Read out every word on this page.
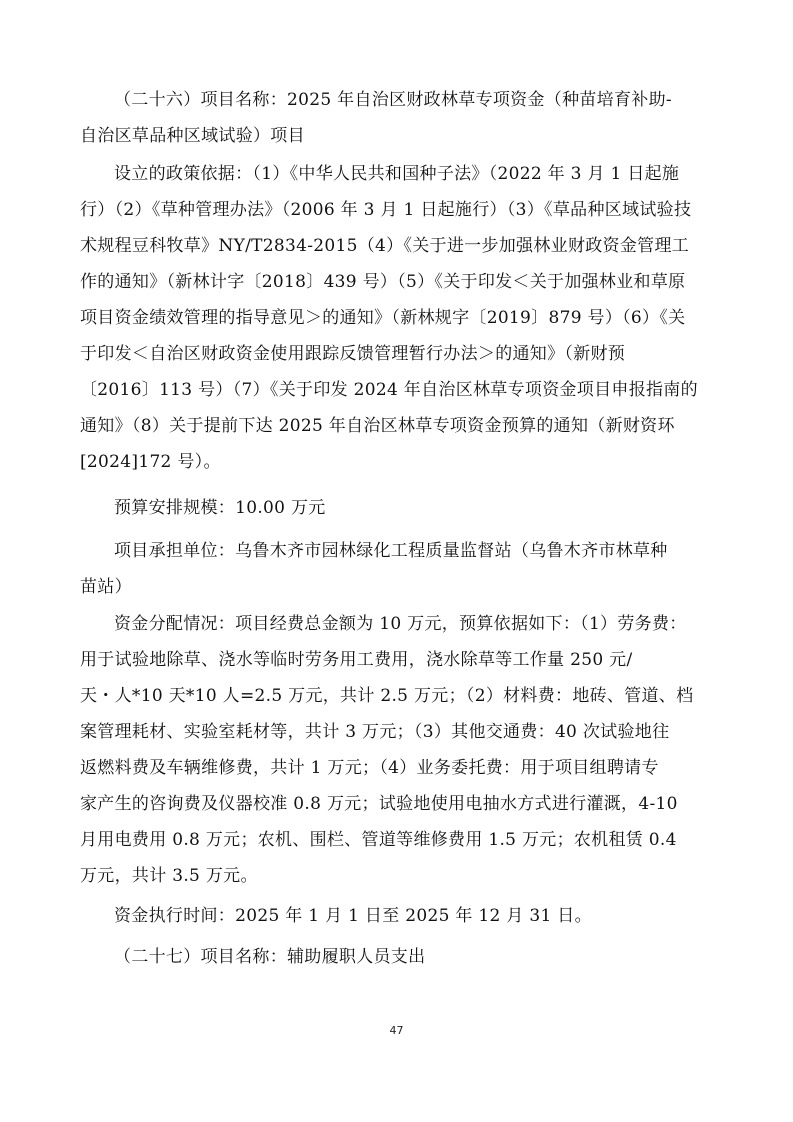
（二十六）项目名称：2025 年自治区财政林草专项资金（种苗培育补助-
自治区草品种区域试验）项目
设立的政策依据：（1）《中华人民共和国种子法》（2022 年 3 月 1 日起施
行）（2）《草种管理办法》（2006 年 3 月 1 日起施行）（3）《草品种区域试验技
术规程豆科牧草》NY/T2834-2015（4）《关于进一步加强林业财政资金管理工
作的通知》（新林计字〔2018〕439 号）（5）《关于印发＜关于加强林业和草原
项目资金绩效管理的指导意见＞的通知》（新林规字〔2019〕879 号）（6）《关
于印发＜自治区财政资金使用跟踪反馈管理暂行办法＞的通知》（新财预
〔2016〕113 号）（7）《关于印发 2024 年自治区林草专项资金项目申报指南的
通知》（8）关于提前下达 2025 年自治区林草专项资金预算的通知（新财资环
[2024]172 号）。
预算安排规模：10.00 万元
项目承担单位：乌鲁木齐市园林绿化工程质量监督站（乌鲁木齐市林草种
苗站）
资金分配情况：项目经费总金额为 10 万元，预算依据如下：（1）劳务费：
用于试验地除草、浇水等临时劳务用工费用，浇水除草等工作量 250 元/
天・人*10 天*10 人=2.5 万元，共计 2.5 万元；（2）材料费：地砖、管道、档
案管理耗材、实验室耗材等，共计 3 万元；（3）其他交通费：40 次试验地往
返燃料费及车辆维修费，共计 1 万元；（4）业务委托费：用于项目组聘请专
家产生的咨询费及仪器校准 0.8 万元；试验地使用电抽水方式进行灌溉，4-10
月用电费用 0.8 万元；农机、围栏、管道等维修费用 1.5 万元；农机租赁 0.4
万元，共计 3.5 万元。
资金执行时间：2025 年 1 月 1 日至 2025 年 12 月 31 日。
（二十七）项目名称：辅助履职人员支出
47
